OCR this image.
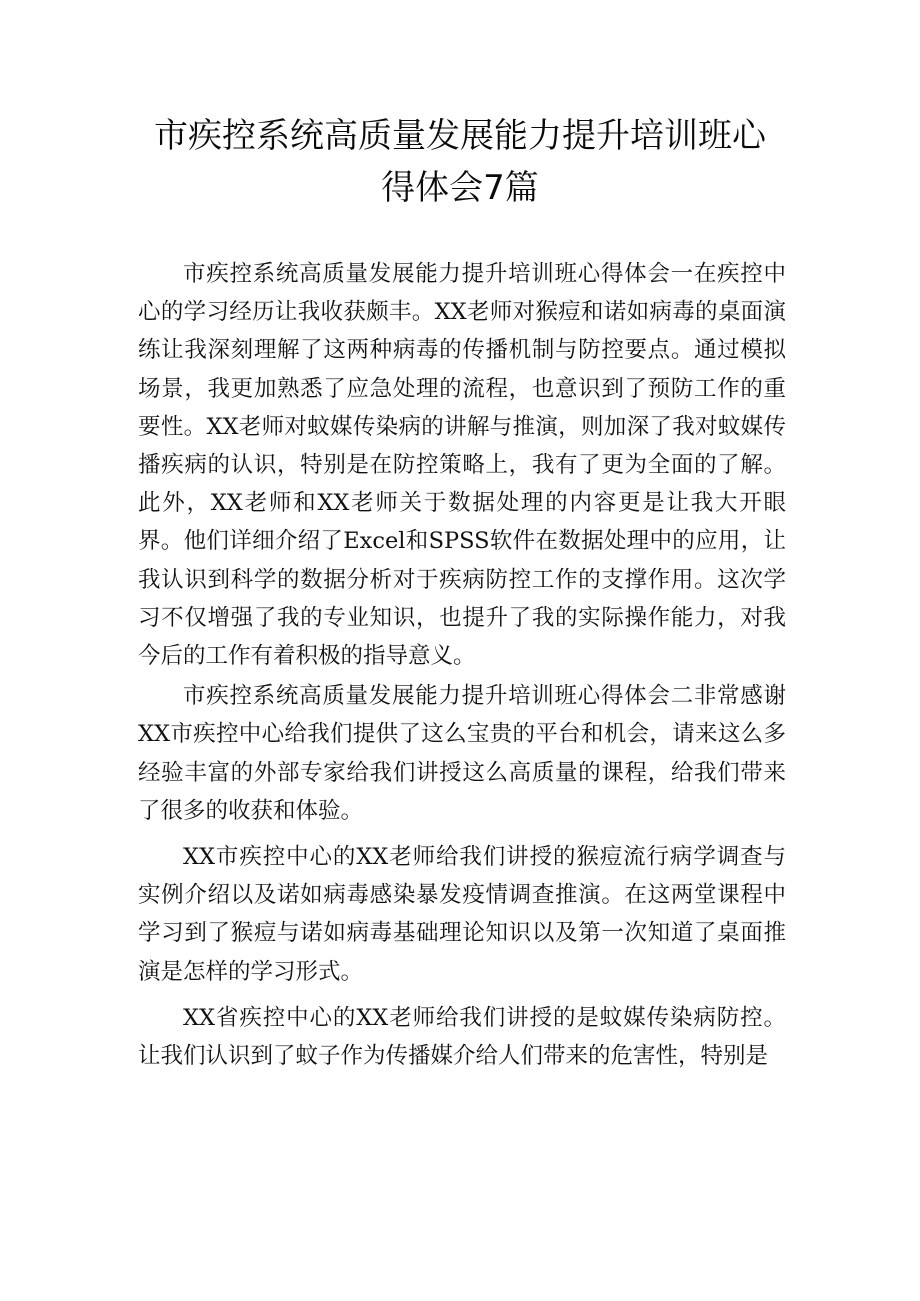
市疾控系统高质量发展能力提升培训班心
得体会7篇

市疾控系统高质量发展能力提升培训班心得体会一在疾控中心的学习经历让我收获颇丰。XX老师对猴痘和诺如病毒的桌面演练让我深刻理解了这两种病毒的传播机制与防控要点。通过模拟场景，我更加熟悉了应急处理的流程，也意识到了预防工作的重要性。XX老师对蚊媒传染病的讲解与推演，则加深了我对蚊媒传播疾病的认识，特别是在防控策略上，我有了更为全面的了解。此外，XX老师和XX老师关于数据处理的内容更是让我大开眼界。他们详细介绍了Excel和SPSS软件在数据处理中的应用，让我认识到科学的数据分析对于疾病防控工作的支撑作用。这次学习不仅增强了我的专业知识，也提升了我的实际操作能力，对我今后的工作有着积极的指导意义。

市疾控系统高质量发展能力提升培训班心得体会二非常感谢XX市疾控中心给我们提供了这么宝贵的平台和机会，请来这么多经验丰富的外部专家给我们讲授这么高质量的课程，给我们带来了很多的收获和体验。

XX市疾控中心的XX老师给我们讲授的猴痘流行病学调查与实例介绍以及诺如病毒感染暴发疫情调查推演。在这两堂课程中学习到了猴痘与诺如病毒基础理论知识以及第一次知道了桌面推演是怎样的学习形式。

XX省疾控中心的XX老师给我们讲授的是蚊媒传染病防控。让我们认识到了蚊子作为传播媒介给人们带来的危害性，特别是
